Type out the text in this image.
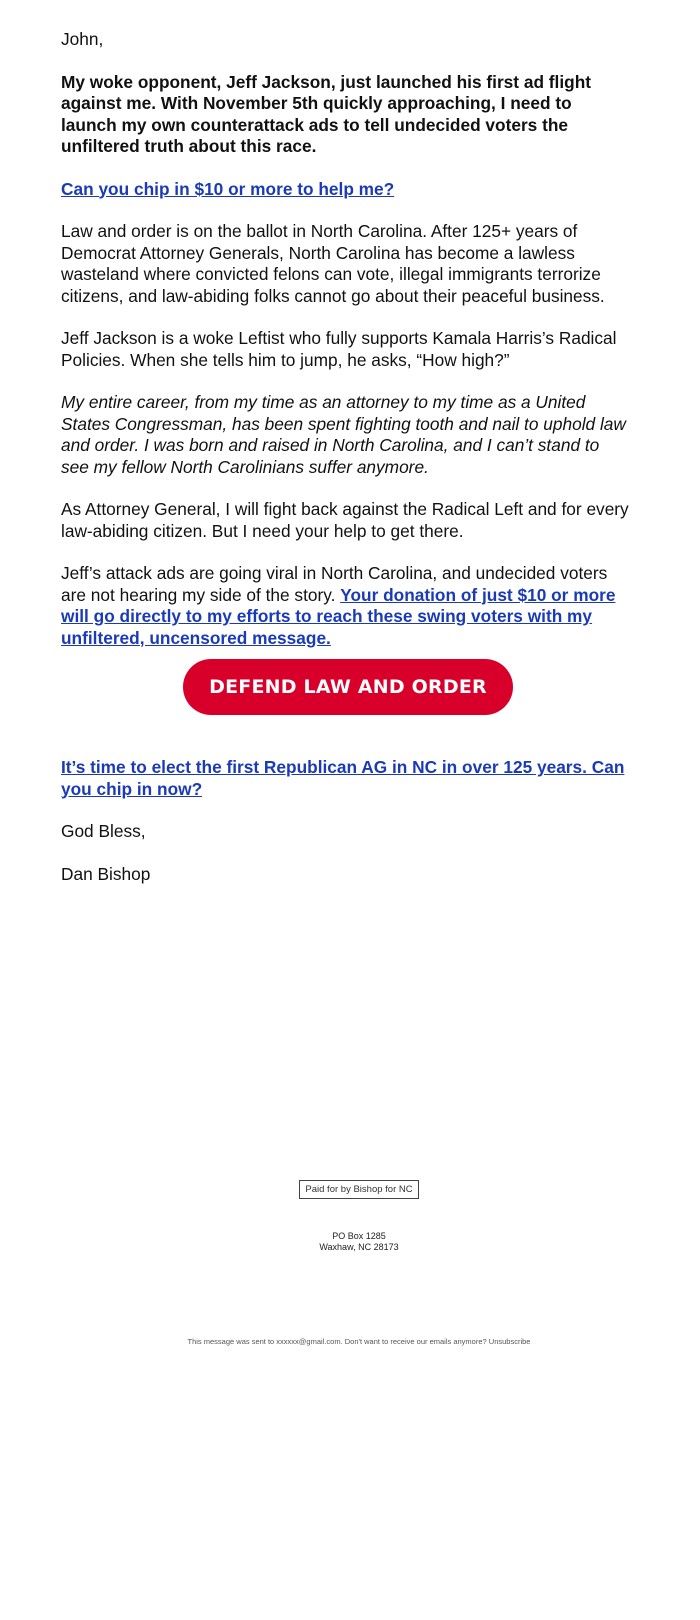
John,

My woke opponent, Jeff Jackson, just launched his first ad flight against me. With November 5th quickly approaching, I need to launch my own counterattack ads to tell undecided voters the unfiltered truth about this race.

Can you chip in $10 or more to help me?

Law and order is on the ballot in North Carolina. After 125+ years of Democrat Attorney Generals, North Carolina has become a lawless wasteland where convicted felons can vote, illegal immigrants terrorize citizens, and law-abiding folks cannot go about their peaceful business.

Jeff Jackson is a woke Leftist who fully supports Kamala Harris’s Radical Policies. When she tells him to jump, he asks, “How high?”

My entire career, from my time as an attorney to my time as a United States Congressman, has been spent fighting tooth and nail to uphold law and order. I was born and raised in North Carolina, and I can’t stand to see my fellow North Carolinians suffer anymore.

As Attorney General, I will fight back against the Radical Left and for every law-abiding citizen. But I need your help to get there.

Jeff’s attack ads are going viral in North Carolina, and undecided voters are not hearing my side of the story. Your donation of just $10 or more will go directly to my efforts to reach these swing voters with my unfiltered, uncensored message.

DEFEND LAW AND ORDER

It’s time to elect the first Republican AG in NC in over 125 years. Can you chip in now?

God Bless,

Dan Bishop

Paid for by Bishop for NC
PO Box 1285
Waxhaw, NC 28173
This message was sent to xxxxxx@gmail.com. Don't want to receive our emails anymore? Unsubscribe
